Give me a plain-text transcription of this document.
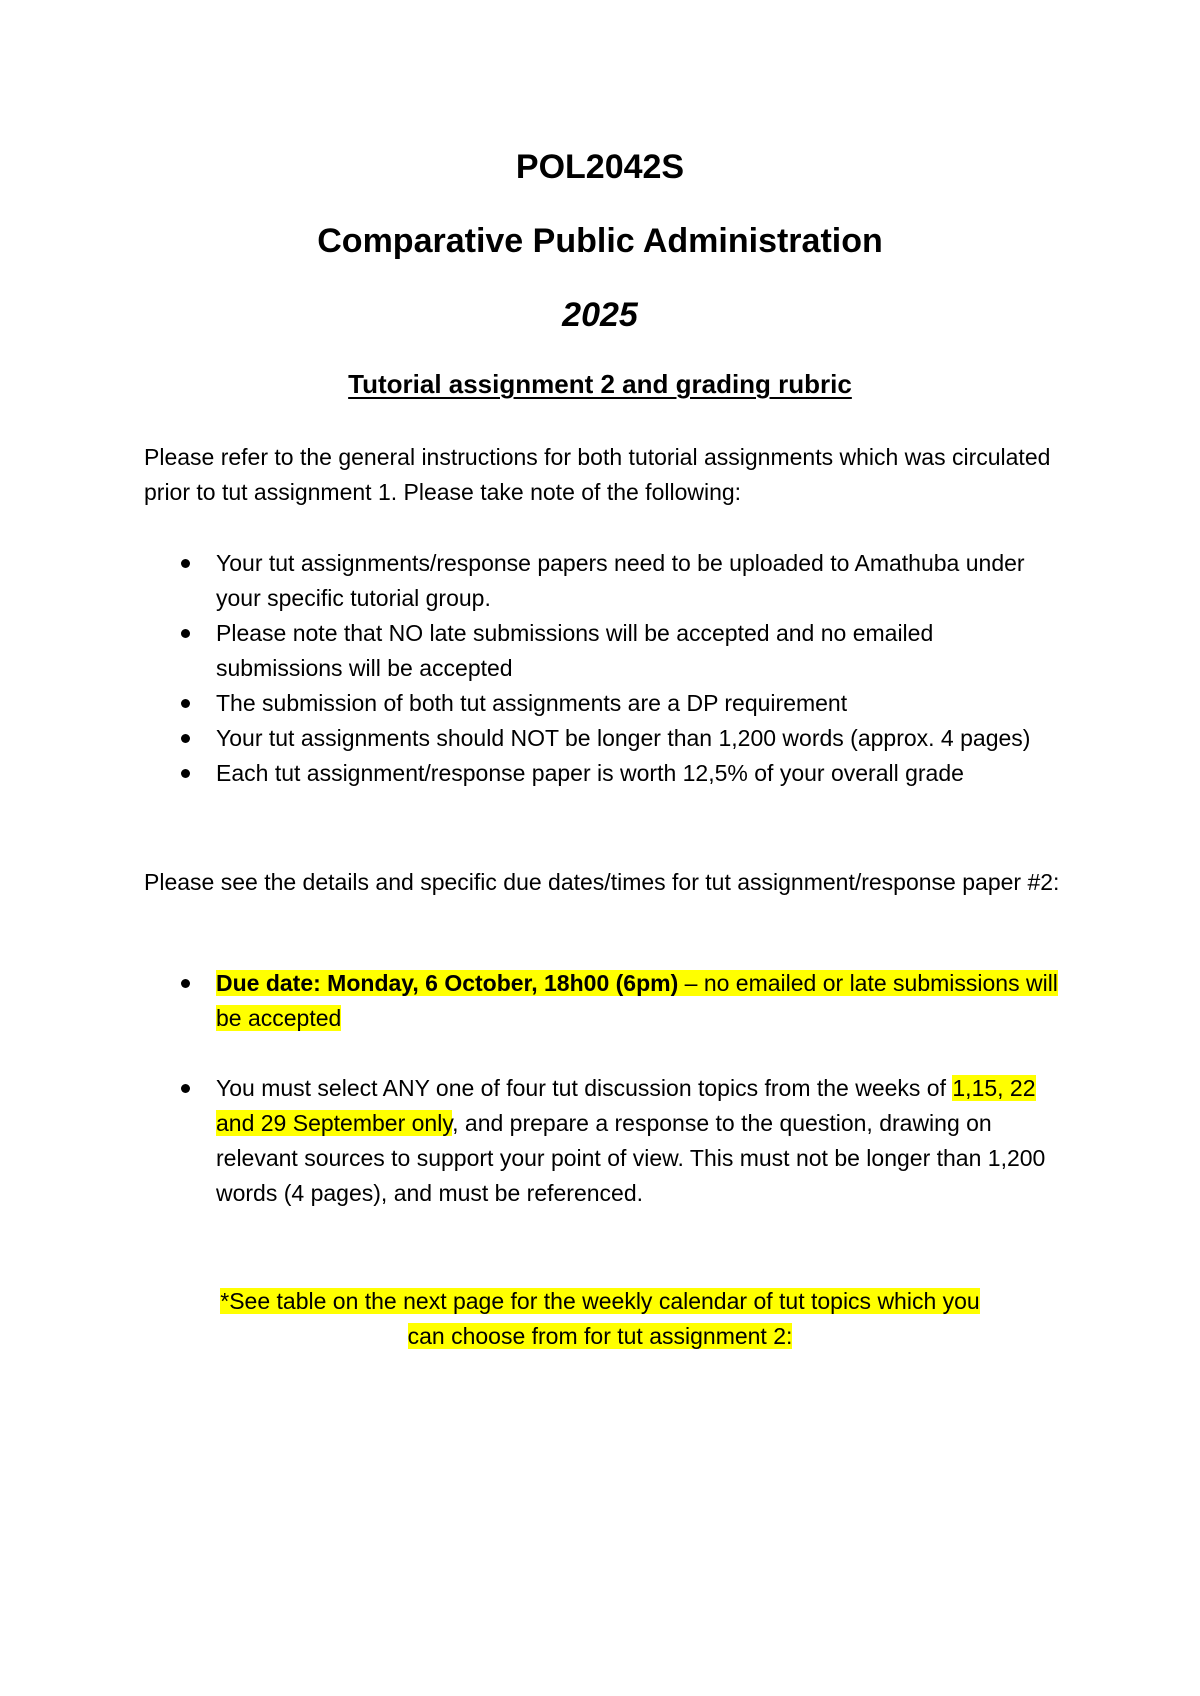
POL2042S
Comparative Public Administration
2025
Tutorial assignment 2 and grading rubric

Please refer to the general instructions for both tutorial assignments which was circulated prior to tut assignment 1. Please take note of the following:

Your tut assignments/response papers need to be uploaded to Amathuba under your specific tutorial group.
Please note that NO late submissions will be accepted and no emailed submissions will be accepted
The submission of both tut assignments are a DP requirement
Your tut assignments should NOT be longer than 1,200 words (approx. 4 pages)
Each tut assignment/response paper is worth 12,5% of your overall grade

Please see the details and specific due dates/times for tut assignment/response paper #2:

Due date: Monday, 6 October, 18h00 (6pm) – no emailed or late submissions will be accepted
You must select ANY one of four tut discussion topics from the weeks of 1,15, 22 and 29 September only, and prepare a response to the question, drawing on relevant sources to support your point of view. This must not be longer than 1,200 words (4 pages), and must be referenced.
*See table on the next page for the weekly calendar of tut topics which you
can choose from for tut assignment 2:
